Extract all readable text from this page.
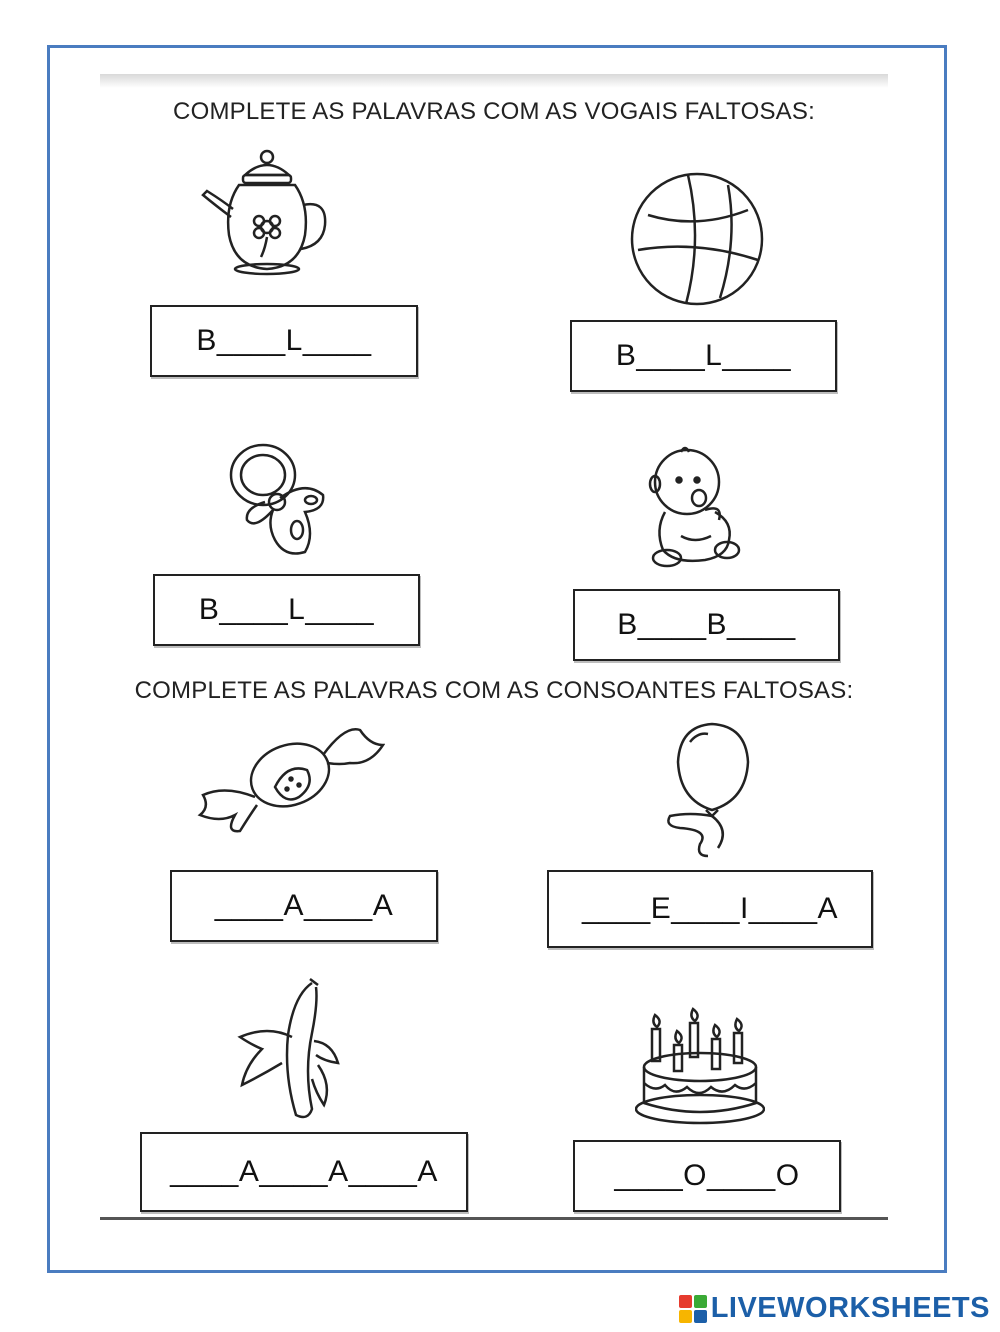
COMPLETE AS PALAVRAS COM AS VOGAIS FALTOSAS:
B____L____	B____L____
B____L____	B____B____
COMPLETE AS PALAVRAS COM AS CONSOANTES FALTOSAS:
____A____A	____E____I____A
____A____A____A	____O____O
LIVEWORKSHEETS
